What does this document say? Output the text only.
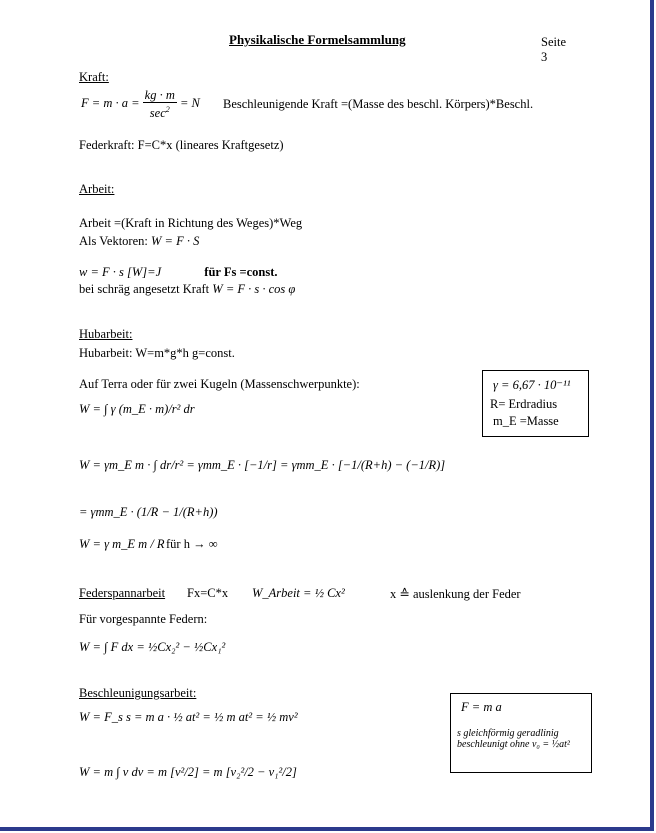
Physikalische Formelsammlung	Seite
3
Kraft:
$F = m \cdot a = \frac{kg \cdot m}{\sec^2} = N$ Beschleunigende Kraft =(Masse des beschl. Körpers)*Beschl.
Federkraft: F=C*x (lineares Kraftgesetz)
Arbeit:
Arbeit =(Kraft in Richtung des Weges)*Weg
Als Vektoren: W = F · S
w = F · s [W]=J	für Fs =const.
bei schräg angesetzt Kraft W = F · s · cos φ
Hubarbeit:
Hubarbeit: W=m*g*h g=const.
Auf Terra oder für zwei Kugeln (Massenschwerpunkte):
W = ∫ γ (m_E · m)/r² dr
W = γm_E m · ∫ dr/r² = γmm_E · [−1/r] = γmm_E · [−1/(R+h) − (−1/R)]
= γmm_E · (1/R − 1/(R+h))
W = γ m_E m / R für h → ∞
γ = 6,67 · 10⁻¹¹
R= Erdradius
m_E =Masse
Federspannarbeit Fx=C*x W_Arbeit = ½ Cx²	x ≙ auslenkung der Feder
Für vorgespannte Federn:
W = ∫ F dx = ½Cx₂² − ½Cx₁²
Beschleunigungsarbeit:
W = F_s s = m a · ½ at² = ½ m at² = ½ mv²
W = m ∫ v dv = m [v²/2] = m [v₂²/2 − v₁²/2]
F = m a
s gleichförmig geradlinig beschleunigt ohne v₀ = ½at²
